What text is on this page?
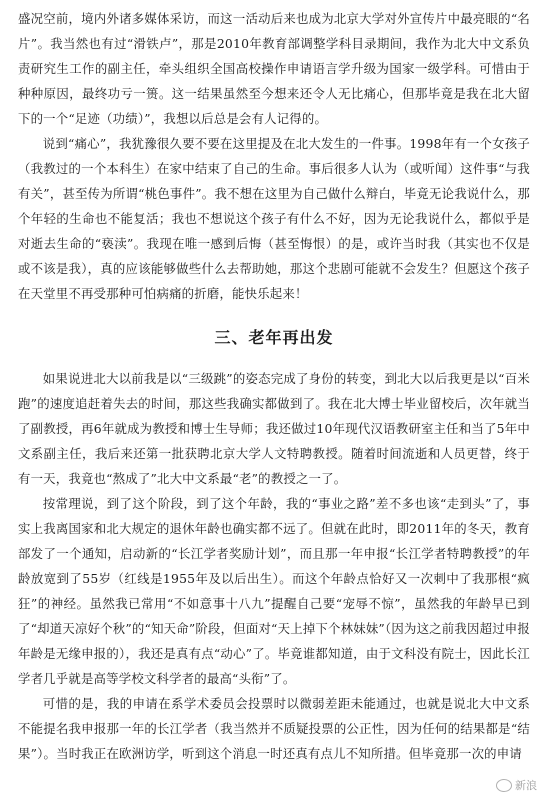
盛况空前，境内外诸多媒体采访，而这一活动后来也成为北京大学对外宣传片中最亮眼的“名片”。我当然也有过“滑铁卢”，那是2010年教育部调整学科目录期间，我作为北大中文系负责研究生工作的副主任，牵头组织全国高校操作申请语言学升级为国家一级学科。可惜由于种种原因，最终功亏一篑。这一结果虽然至今想来还令人无比痛心，但那毕竟是我在北大留下的一个“足迹（功绩）”，我想以后总是会有人记得的。

说到“痛心”，我犹豫很久要不要在这里提及在北大发生的一件事。1998年有一个女孩子（我教过的一个本科生）在家中结束了自己的生命。事后很多人认为（或听闻）这件事“与我有关”，甚至传为所谓“桃色事件”。我不想在这里为自己做什么辩白，毕竟无论我说什么，那个年轻的生命也不能复活；我也不想说这个孩子有什么不好，因为无论我说什么，都似乎是对逝去生命的“亵渎”。我现在唯一感到后悔（甚至悔恨）的是，或许当时我（其实也不仅是或不该是我），真的应该能够做些什么去帮助她，那这个悲剧可能就不会发生？但愿这个孩子在天堂里不再受那种可怕病痛的折磨，能快乐起来！

三、老年再出发

如果说进北大以前我是以“三级跳”的姿态完成了身份的转变，到北大以后我更是以“百米跑”的速度追赶着失去的时间，那这些我确实都做到了。我在北大博士毕业留校后，次年就当了副教授，再6年就成为教授和博士生导师；我还做过10年现代汉语教研室主任和当了5年中文系副主任，我后来还第一批获聘北京大学人文特聘教授。随着时间流逝和人员更替，终于有一天，我竟也“熬成了”北大中文系最“老”的教授之一了。

按常理说，到了这个阶段，到了这个年龄，我的“事业之路”差不多也该“走到头”了，事实上我离国家和北大规定的退休年龄也确实都不远了。但就在此时，即2011年的冬天，教育部发了一个通知，启动新的“长江学者奖励计划”，而且那一年申报“长江学者特聘教授”的年龄放宽到了55岁（红线是1955年及以后出生）。而这个年龄点恰好又一次刺中了我那根“疯狂”的神经。虽然我已常用“不如意事十八九”提醒自己要“宠辱不惊”，虽然我的年龄早已到了“却道天凉好个秋”的“知天命”阶段，但面对“天上掉下个林妹妹”（因为这之前我因超过申报年龄是无缘申报的），我还是真有点“动心”了。毕竟谁都知道，由于文科没有院士，因此长江学者几乎就是高等学校文科学者的最高“头衔”了。

可惜的是，我的申请在系学术委员会投票时以微弱差距未能通过，也就是说北大中文系不能提名我申报那一年的长江学者（我当然并不质疑投票的公正性，因为任何的结果都是“结果”）。当时我正在欧洲访学，听到这个消息一时还真有点儿不知所措。但毕竟那一次的申请

新浪
